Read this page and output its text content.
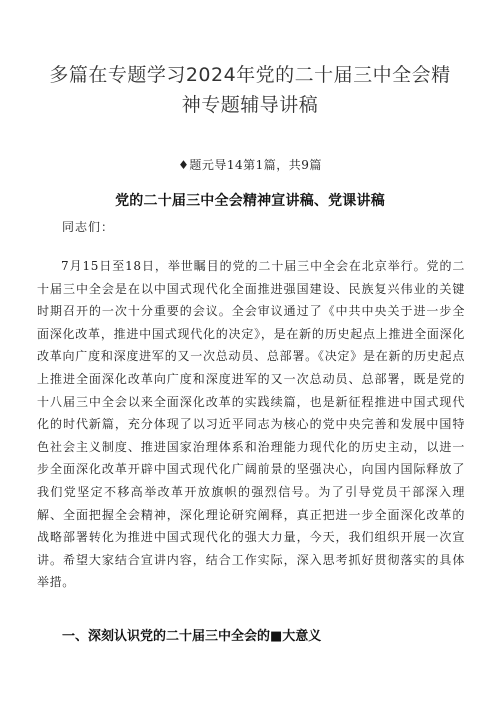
多篇在专题学习2024年党的二十届三中全会精神专题辅导讲稿
♦题元导14第1篇，共9篇
党的二十届三中全会精神宣讲稿、党课讲稿
同志们：

7月15日至18日，举世瞩目的党的二十届三中全会在北京举行。党的二十届三中全会是在以中国式现代化全面推进强国建设、民族复兴伟业的关键时期召开的一次十分重要的会议。全会审议通过了《中共中央关于进一步全面深化改革，推进中国式现代化的决定》，是在新的历史起点上推进全面深化改革向广度和深度进军的又一次总动员、总部署。《决定》是在新的历史起点上推进全面深化改革向广度和深度进军的又一次总动员、总部署，既是党的十八届三中全会以来全面深化改革的实践续篇，也是新征程推进中国式现代化的时代新篇，充分体现了以习近平同志为核心的党中央完善和发展中国特色社会主义制度、推进国家治理体系和治理能力现代化的历史主动，以进一步全面深化改革开辟中国式现代化广阔前景的坚强决心，向国内国际释放了我们党坚定不移高举改革开放旗帜的强烈信号。为了引导党员干部深入理解、全面把握全会精神，深化理论研究阐释，真正把进一步全面深化改革的战略部署转化为推进中国式现代化的强大力量，今天，我们组织开展一次宣讲。希望大家结合宣讲内容，结合工作实际，深入思考抓好贯彻落实的具体举措。

一、深刻认识党的二十届三中全会的■大意义
